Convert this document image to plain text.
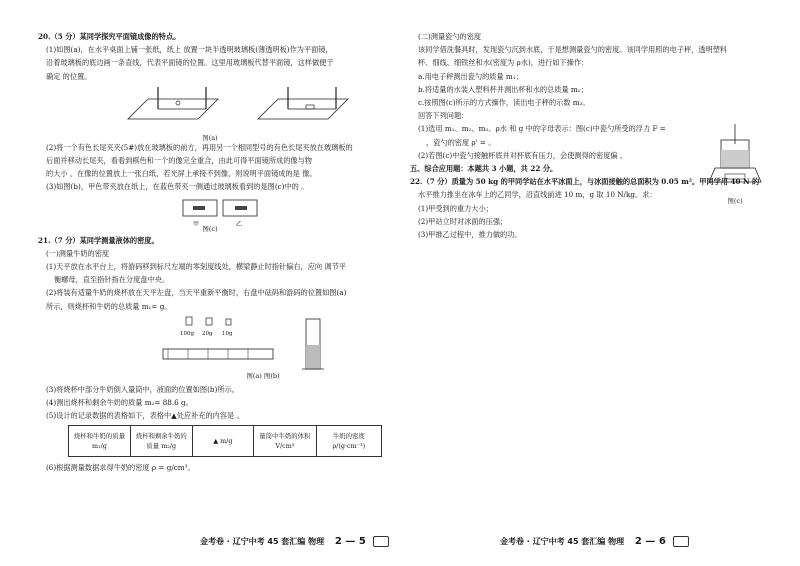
20.（5 分）某同学探究平面镜成像的特点。
(1)如图(a)，在水平桌面上铺一张纸，纸上 放置一块半透明玻璃板(薄透明板)作为平面镜，
沿着玻璃板的底边画一条直线，代表平面镜的位置。这里用玻璃板代替平面镜，这样做便于
确定 的位置。
图(a)
(2)将一个有色长尾夹夹(5#)放在玻璃板的前方，再用另一个相同型号的有色长尾夹放在玻璃板的
后面并移动长尾夹，看看到棋色和一个的像完全重合，由此可得平面镜所成的像与物
的大小 ，在像的位置放上一张白纸，若光屏上承接不到像，则说明平面镜成的是 像。
(3)如图(b)，甲色带夹放在纸上，在蓝色带夹一侧通过玻璃板看到的是图(c)中的 。
甲	乙
图(c)
21.（7 分）某同学测量液体的密度。
(一)测量牛奶的密度
(1)天平放在水平台上，将游码移到标尺左端的零刻度线处，横梁静止时指针偏右，应向 调节平
衡螺母，直至指针指在分度盘中央。
(2)将装有适量牛奶的烧杯放在天平左盘，当天平重新平衡时，右盘中砝码和游码的位置如图(a)
所示，则烧杯和牛奶的总质量 m₁= g。
100g 20g 10g
图(a) 图(b)
(3)将烧杯中部分牛奶倒入量筒中，液面的位置如图(b)所示。
(4)测出烧杯和剩余牛奶的质量 m₂= 88.6 g。
(5)设计的记录数据的表格如下，表格中▲处应补充的内容是 。
烧杯和牛奶的质量 m₁/g	烧杯和剩余牛奶的质量 m₂/g	▲ m/g	量筒中牛奶的体积 V/cm³	牛奶的密度 ρ/(g·cm⁻³)
(6)根据测量数据求得牛奶的密度 ρ = g/cm³。
(二)测量瓷勺的密度
该同学借洗餐具时，发现瓷勺沉到水底，于是想测量瓷勺的密度。该同学用照的电子秤，透明塑料
杯、细线、细铁丝和水(密度为 ρ水)，进行如下操作：
a.用电子秤测出瓷勺的质量 m₁；
b.将适量的水装入塑料杯并测出杯和水的总质量 m₂；
c.按照图(c)所示的方式操作，读出电子秤的示数 m₃。
回答下列问题：
(1)选用 m₁、m₂、m₃、ρ水 和 g 中的字母表示：图(c)中瓷勺所受的浮力 F =
，瓷勺的密度 ρ' = 。
(2)若图(c)中瓷勺接触杯底并对杯底有压力，会使测得的密度偏 。
图(c)
五、综合应用题：本题共 3 小题，共 22 分。
22.（7 分）质量为 50 kg 的甲同学站在水平冰面上，与冰面接触的总面积为 0.05 m²。甲同学用 40 N 的
水平推力推坐在冰车上的乙同学，沿直线前进 10 m，g 取 10 N/kg。求：
(1)甲受到的重力大小；
(2)甲站立时对冰面的压强；
(3)甲推乙过程中，推力做的功。
金考卷 · 辽宁中考 45 套汇编 物理 2 — 5	金考卷 · 辽宁中考 45 套汇编 物理 2 — 6
